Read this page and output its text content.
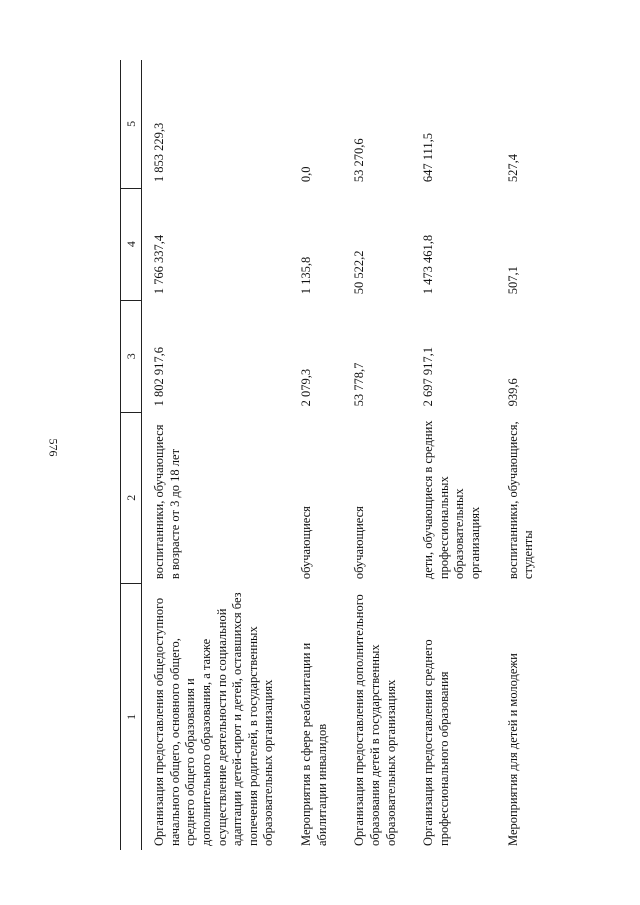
576
1	2	3	4	5
Организация предоставления общедоступного начального общего, основного общего, среднего общего образования и дополнительного образования, а также осуществление деятельности по социальной адаптации детей-сирот и детей, оставшихся без попечения родителей, в государственных образовательных организациях	воспитанники, обучающиеся в возрасте от 3 до 18 лет	1 802 917,6	1 766 337,4	1 853 229,3
Мероприятия в сфере реабилитации и абилитации инвалидов	обучающиеся	2 079,3	1 135,8	0,0
Организация предоставления дополнительного образования детей в государственных образовательных организациях	обучающиеся	53 778,7	50 522,2	53 270,6
Организация предоставления среднего профессионального образования	дети, обучающиеся в средних профессиональных образовательных организациях	2 697 917,1	1 473 461,8	647 111,5
Мероприятия для детей и молодежи	воспитанники, обучающиеся, студенты	939,6	507,1	527,4
